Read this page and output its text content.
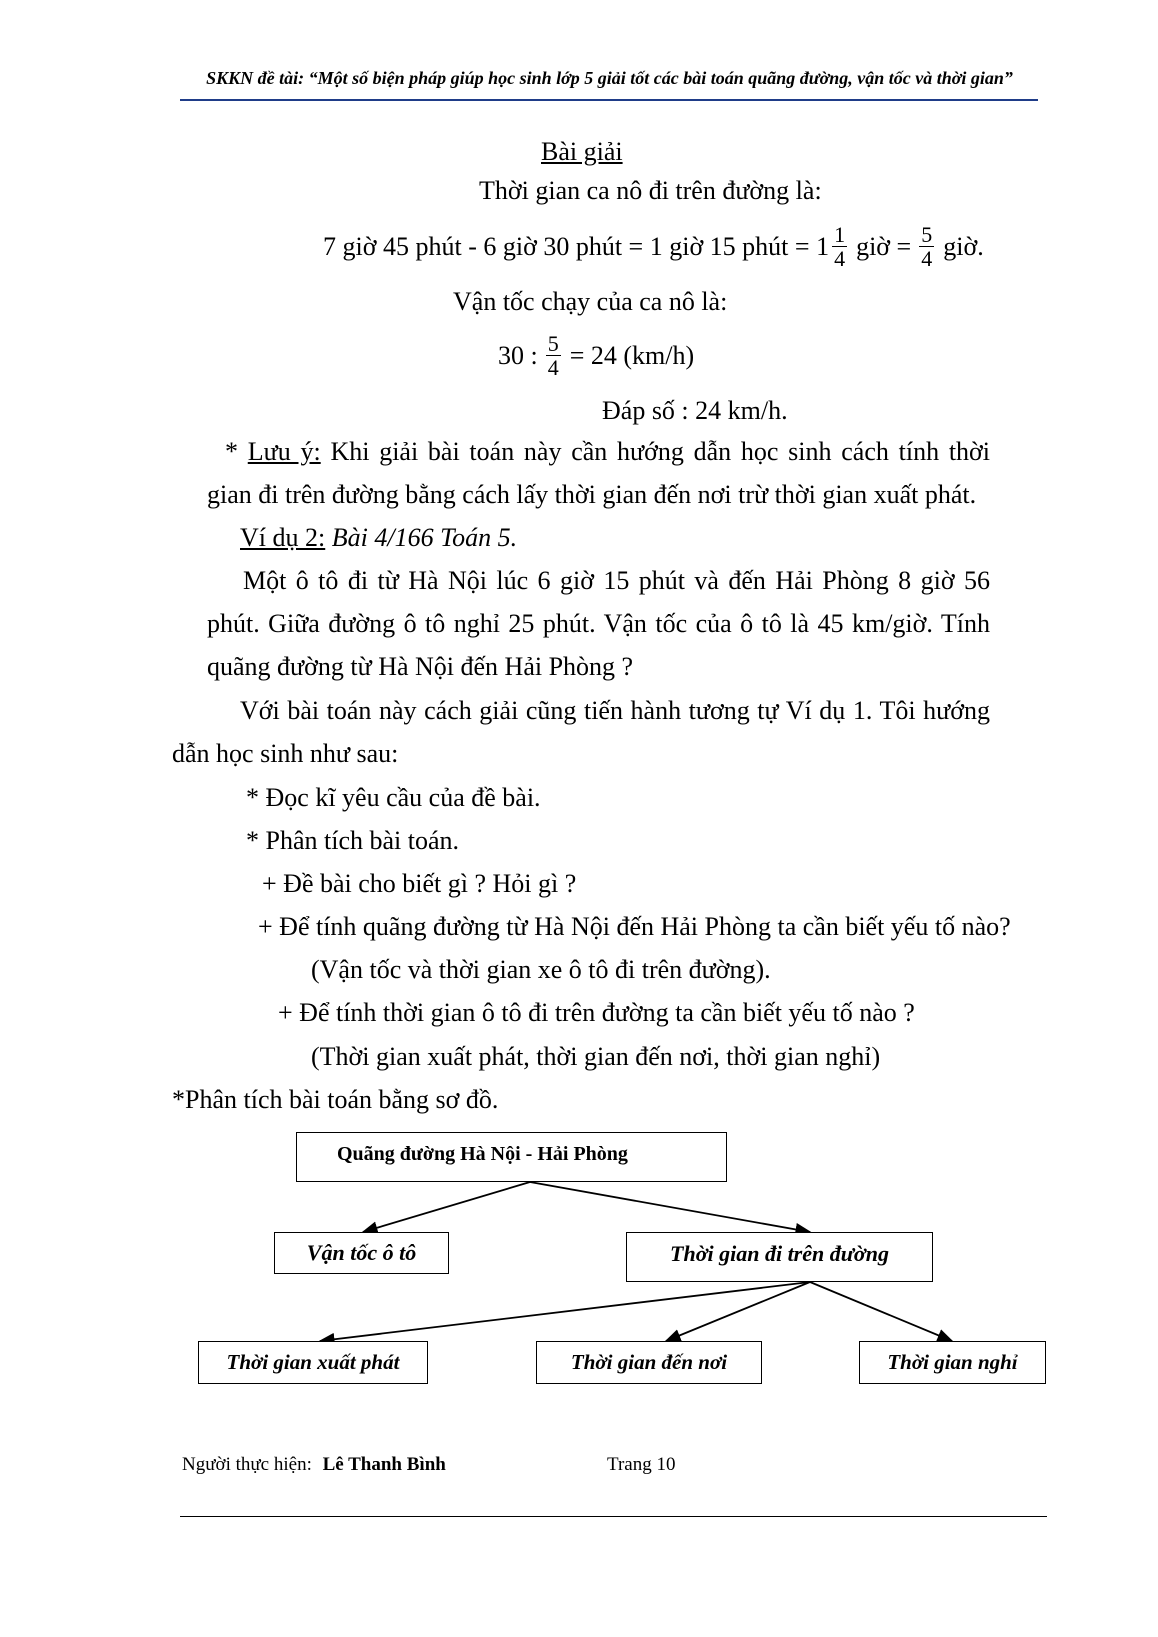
SKKN đề tài: “Một số biện pháp giúp học sinh lớp 5 giải tốt các bài toán quãng đường, vận tốc và thời gian”
Bài giải
Thời gian ca nô đi trên đường là:
7 giờ 45 phút - 6 giờ 30 phút = 1 giờ 15 phút = $1 \frac{1}{4}$ giờ = $\frac{5}{4}$ giờ.
Vận tốc chạy của ca nô là:
30 : $\frac{5}{4} = 24$ (km/h)
Đáp số : 24 km/h.
* Lưu ý: Khi giải bài toán này cần hướng dẫn học sinh cách tính thời
gian đi trên đường bằng cách lấy thời gian đến nơi trừ thời gian xuất phát.
Ví dụ 2: Bài 4/166 Toán 5.
Một ô tô đi từ Hà Nội lúc 6 giờ 15 phút và đến Hải Phòng 8 giờ 56
phút. Giữa đường ô tô nghỉ 25 phút. Vận tốc của ô tô là 45 km/giờ. Tính
quãng đường từ Hà Nội đến Hải Phòng ?
Với bài toán này cách giải cũng tiến hành tương tự Ví dụ 1. Tôi hướng
dẫn học sinh như sau:
* Đọc kĩ yêu cầu của đề bài.
* Phân tích bài toán.
+ Đề bài cho biết gì ? Hỏi gì ?
+ Để tính quãng đường từ Hà Nội đến Hải Phòng ta cần biết yếu tố nào?
(Vận tốc và thời gian xe ô tô đi trên đường).
+ Để tính thời gian ô tô đi trên đường ta cần biết yếu tố nào ?
(Thời gian xuất phát, thời gian đến nơi, thời gian nghỉ)
*Phân tích bài toán bằng sơ đồ.
Quãng đường Hà Nội - Hải Phòng
Vận tốc ô tô	Thời gian đi trên đường
Thời gian xuất phát	Thời gian đến nơi	Thời gian nghỉ
Người thực hiện: Lê Thanh Bình	Trang 10
